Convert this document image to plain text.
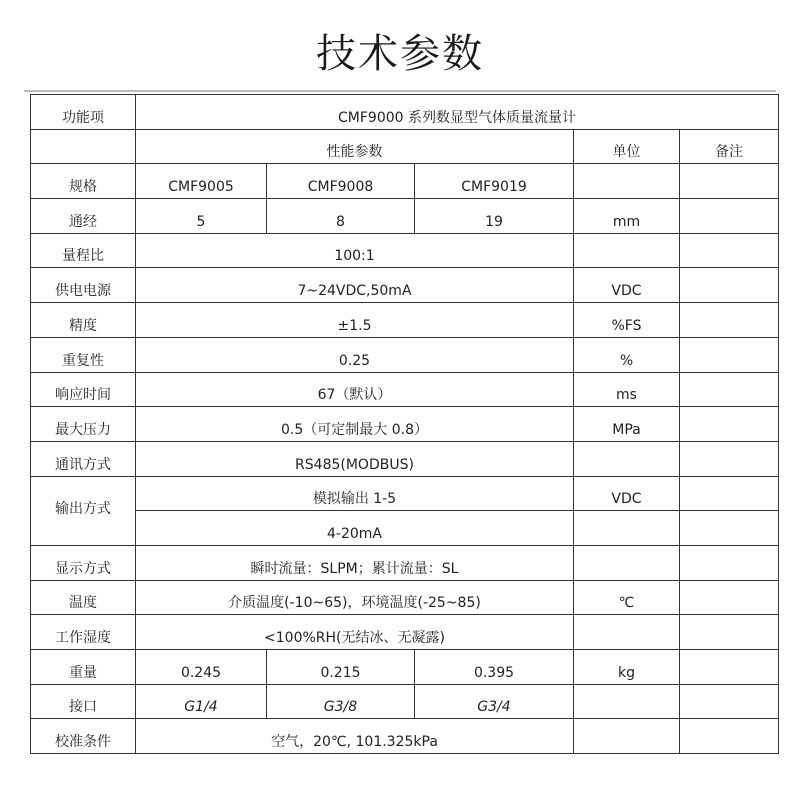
技术参数
功能项	CMF9000 系列数显型气体质量流量计				
	性能参数			单位	备注
规格	CMF9005	CMF9008	CMF9019		
通经	5	8	19	mm	
量程比	100:1				
供电电源	7~24VDC,50mA			VDC	
精度	±1.5			%FS	
重复性	0.25			%	
响应时间	67（默认）			ms	
最大压力	0.5（可定制最大 0.8）			MPa	
通讯方式	RS485(MODBUS)				
输出方式	模拟输出 1-5			VDC	
	4-20mA				
显示方式	瞬时流量：SLPM；累计流量：SL				
温度	介质温度(-10~65)，环境温度(-25~85)			℃	
工作湿度	<100%RH(无结冰、无凝露)				
重量	0.245	0.215	0.395	kg	
接口	G1/4	G3/8	G3/4		
校准条件	空气，20℃, 101.325kPa				
